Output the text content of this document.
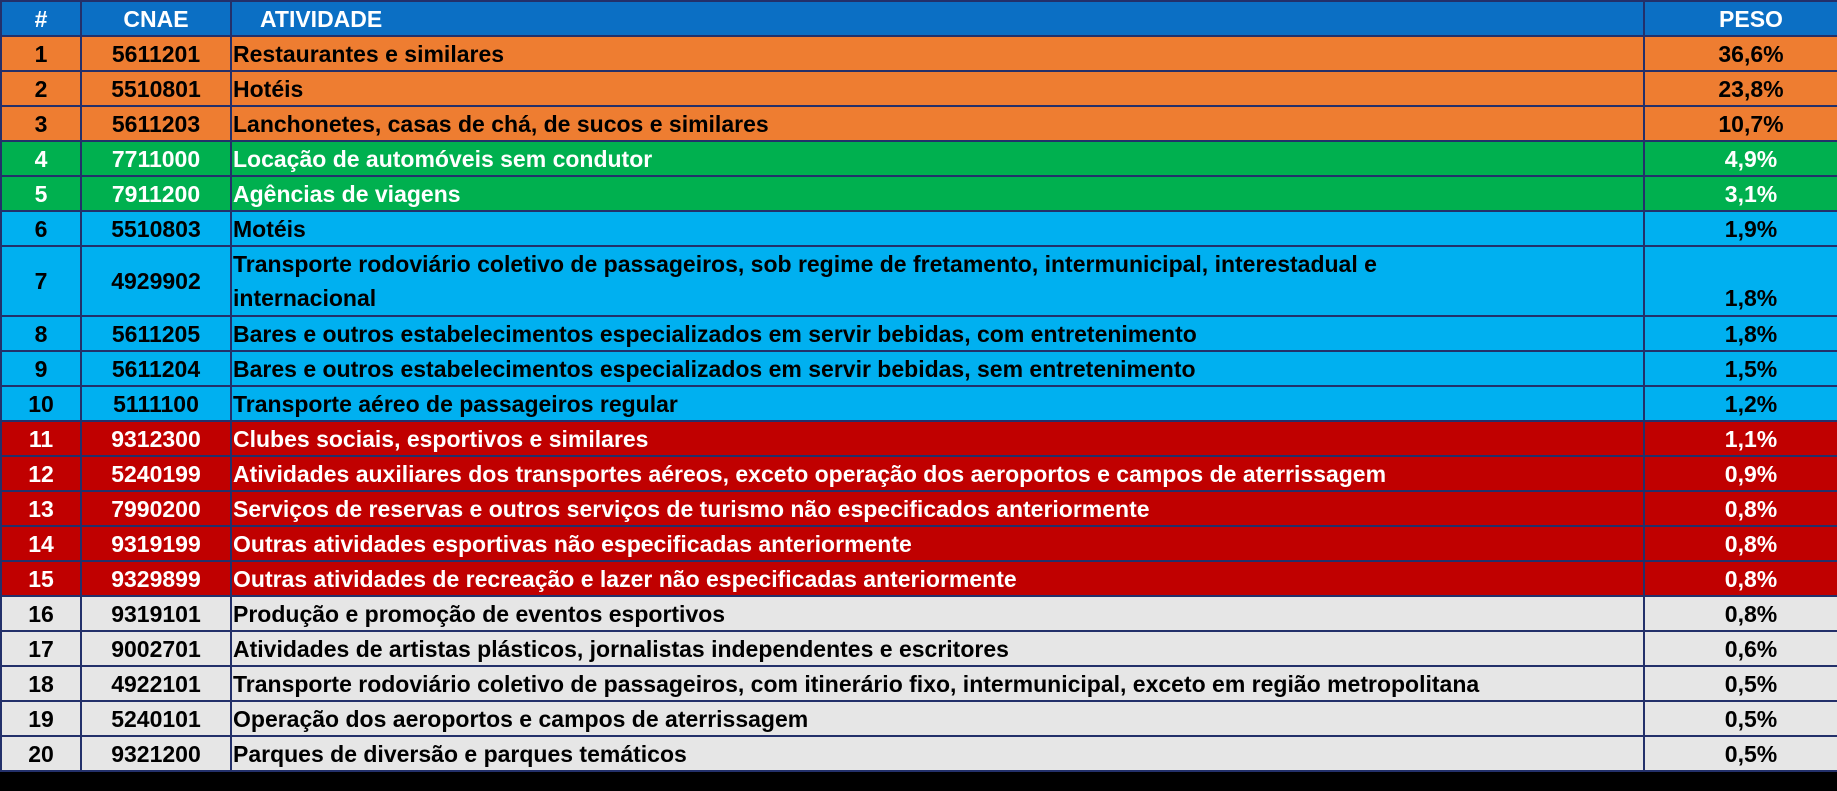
#	CNAE	ATIVIDADE	PESO
1	5611201	Restaurantes e similares	36,6%
2	5510801	Hotéis	23,8%
3	5611203	Lanchonetes, casas de chá, de sucos e similares	10,7%
4	7711000	Locação de automóveis sem condutor	4,9%
5	7911200	Agências de viagens	3,1%
6	5510803	Motéis	1,9%
7	4929902	Transporte rodoviário coletivo de passageiros, sob regime de fretamento, intermunicipal, interestadual e internacional	1,8%
8	5611205	Bares e outros estabelecimentos especializados em servir bebidas, com entretenimento	1,8%
9	5611204	Bares e outros estabelecimentos especializados em servir bebidas, sem entretenimento	1,5%
10	5111100	Transporte aéreo de passageiros regular	1,2%
11	9312300	Clubes sociais, esportivos e similares	1,1%
12	5240199	Atividades auxiliares dos transportes aéreos, exceto operação dos aeroportos e campos de aterrissagem	0,9%
13	7990200	Serviços de reservas e outros serviços de turismo não especificados anteriormente	0,8%
14	9319199	Outras atividades esportivas não especificadas anteriormente	0,8%
15	9329899	Outras atividades de recreação e lazer não especificadas anteriormente	0,8%
16	9319101	Produção e promoção de eventos esportivos	0,8%
17	9002701	Atividades de artistas plásticos, jornalistas independentes e escritores	0,6%
18	4922101	Transporte rodoviário coletivo de passageiros, com itinerário fixo, intermunicipal, exceto em região metropolitana	0,5%
19	5240101	Operação dos aeroportos e campos de aterrissagem	0,5%
20	9321200	Parques de diversão e parques temáticos	0,5%
